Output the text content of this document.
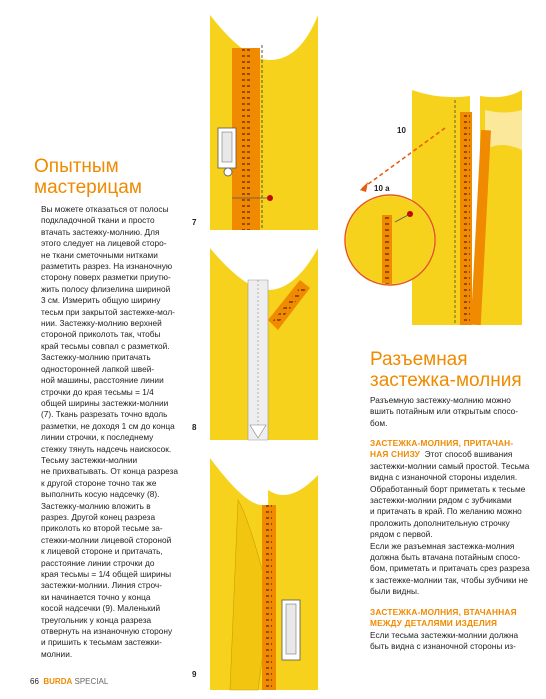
7
8
9
10
10 a
Опытным
мастерицам

Вы можете отказаться от полосы

подкладочной ткани и просто

втачать застежку-молнию. Для

этого следует на лицевой сторо-

не ткани сметочными нитками

разметить разрез. На изнаночную

сторону поверх разметки приутю-

жить полосу флизелина шириной

3 см. Измерить общую ширину

тесьм при закрытой застежке-мол-

нии. Застежку-молнию верхней

стороной приколоть так, чтобы

край тесьмы совпал с разметкой.

Застежку-молнию притачать

односторонней лапкой швей-

ной машины, расстояние линии

строчки до края тесьмы = 1/4

общей ширины застежки-молнии

(7). Ткань разрезать точно вдоль

разметки, не доходя 1 см до конца

линии строчки, к последнему

стежку тянуть надсечь наискосок.

Тесьму застежки-молнии

не прихватывать. От конца разреза

к другой стороне точно так же

выполнить косую надсечку (8).

Застежку-молнию вложить в

разрез. Другой конец разреза

приколоть ко второй тесьме за-

стежки-молнии лицевой стороной

к лицевой стороне и притачать,

расстояние линии строчки до

края тесьмы = 1/4 общей ширины

застежки-молнии. Линия строч-

ки начинается точно у конца

косой надсечки (9). Маленький

треугольник у конца разреза

отвернуть на изнаночную сторону

и пришить к тесьмам застежки-

молнии.

Разъемная
застежка-молния

Разъемную застежку-молнию можно

вшить потайным или открытым спосо-

бом.

ЗАСТЕЖКА-МОЛНИЯ, ПРИТАЧАН-

НАЯ СНИЗУ Этот способ вшивания

застежки-молнии самый простой. Тесьма

видна с изнаночной стороны изделия.

Обработанный борт приметать к тесьме

застежки-молнии рядом с зубчиками

и притачать в край. По желанию можно

проложить дополнительную строчку

рядом с первой.

Если же разъемная застежка-молния

должна быть втачана потайным спосо-

бом, приметать и притачать срез разреза

к застежке-молнии так, чтобы зубчики не

были видны.

ЗАСТЕЖКА-МОЛНИЯ, ВТАЧАННАЯ

МЕЖДУ ДЕТАЛЯМИ ИЗДЕЛИЯ

Если тесьма застежки-молнии должна

быть видна с изнаночной стороны из-

66 BURDA SPECIAL
